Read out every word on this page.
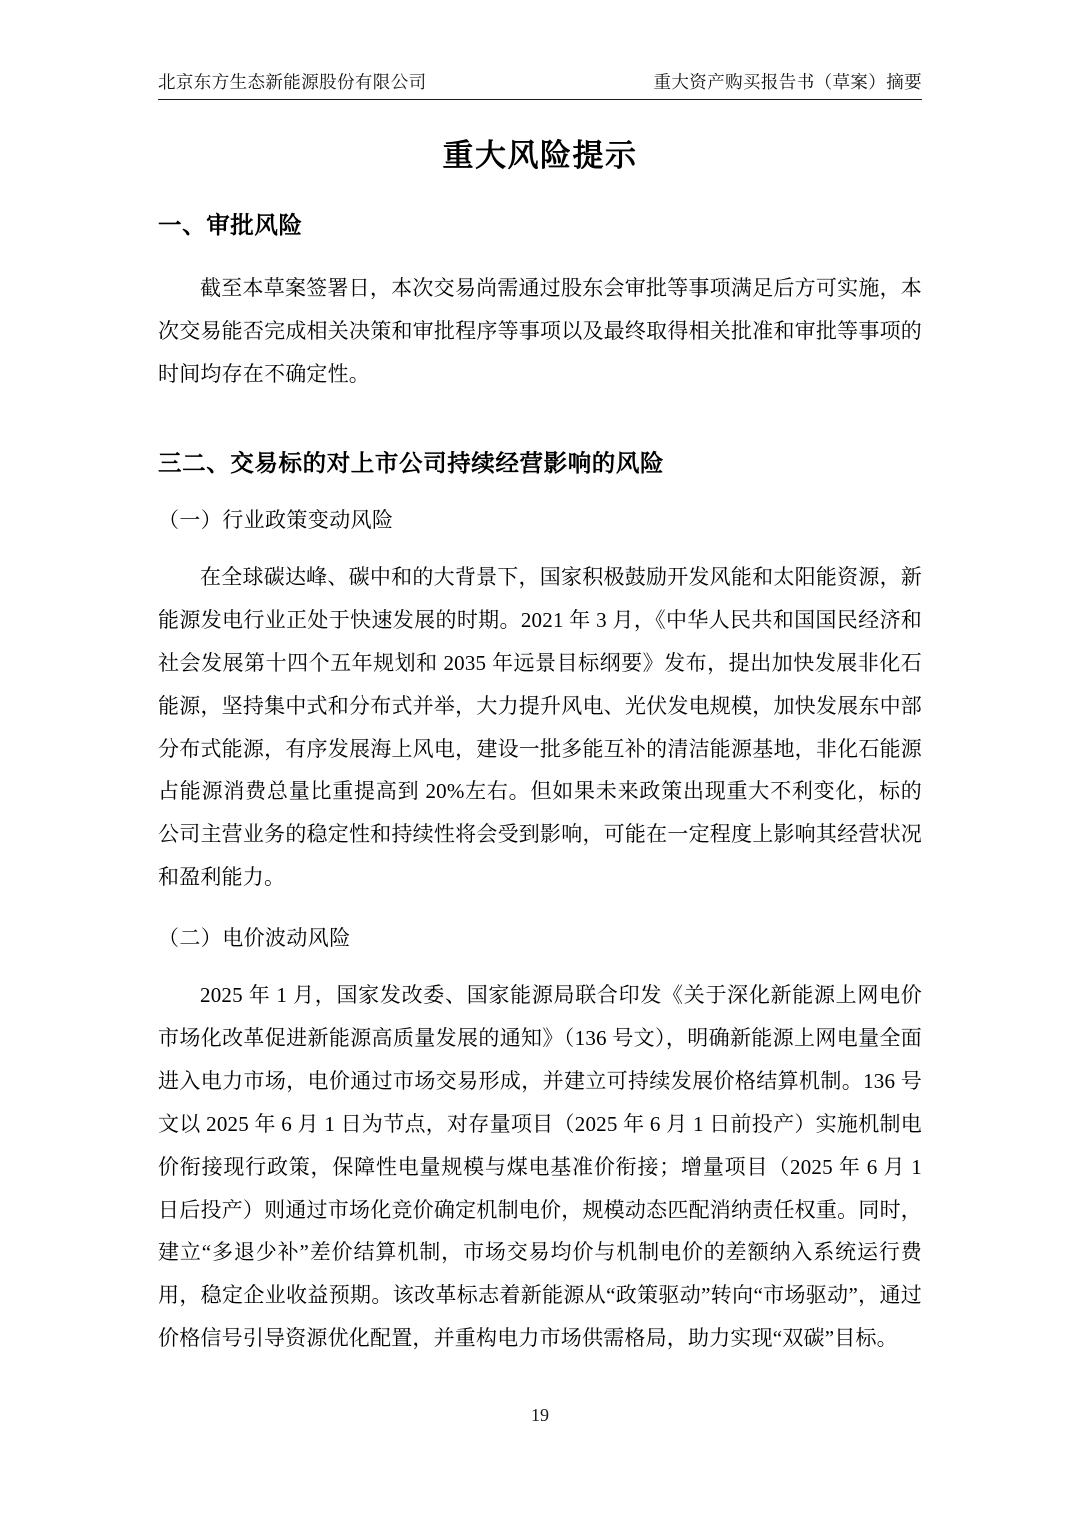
北京东方生态新能源股份有限公司	重大资产购买报告书（草案）摘要
重大风险提示
一、审批风险

截至本草案签署日，本次交易尚需通过股东会审批等事项满足后方可实施，本次交易能否完成相关决策和审批程序等事项以及最终取得相关批准和审批等事项的时间均存在不确定性。

三二、交易标的对上市公司持续经营影响的风险
（一）行业政策变动风险

在全球碳达峰、碳中和的大背景下，国家积极鼓励开发风能和太阳能资源，新能源发电行业正处于快速发展的时期。2021 年 3 月，《中华人民共和国国民经济和社会发展第十四个五年规划和 2035 年远景目标纲要》发布，提出加快发展非化石能源，坚持集中式和分布式并举，大力提升风电、光伏发电规模，加快发展东中部分布式能源，有序发展海上风电，建设一批多能互补的清洁能源基地，非化石能源占能源消费总量比重提高到 20%左右。但如果未来政策出现重大不利变化，标的公司主营业务的稳定性和持续性将会受到影响，可能在一定程度上影响其经营状况和盈利能力。

（二）电价波动风险

2025 年 1 月，国家发改委、国家能源局联合印发《关于深化新能源上网电价市场化改革促进新能源高质量发展的通知》（136 号文），明确新能源上网电量全面进入电力市场，电价通过市场交易形成，并建立可持续发展价格结算机制。136 号文以 2025 年 6 月 1 日为节点，对存量项目（2025 年 6 月 1 日前投产）实施机制电价衔接现行政策，保障性电量规模与煤电基准价衔接；增量项目（2025 年 6 月 1 日后投产）则通过市场化竞价确定机制电价，规模动态匹配消纳责任权重。同时，建立“多退少补”差价结算机制，市场交易均价与机制电价的差额纳入系统运行费用，稳定企业收益预期。该改革标志着新能源从“政策驱动”转向“市场驱动”，通过价格信号引导资源优化配置，并重构电力市场供需格局，助力实现“双碳”目标。

19
